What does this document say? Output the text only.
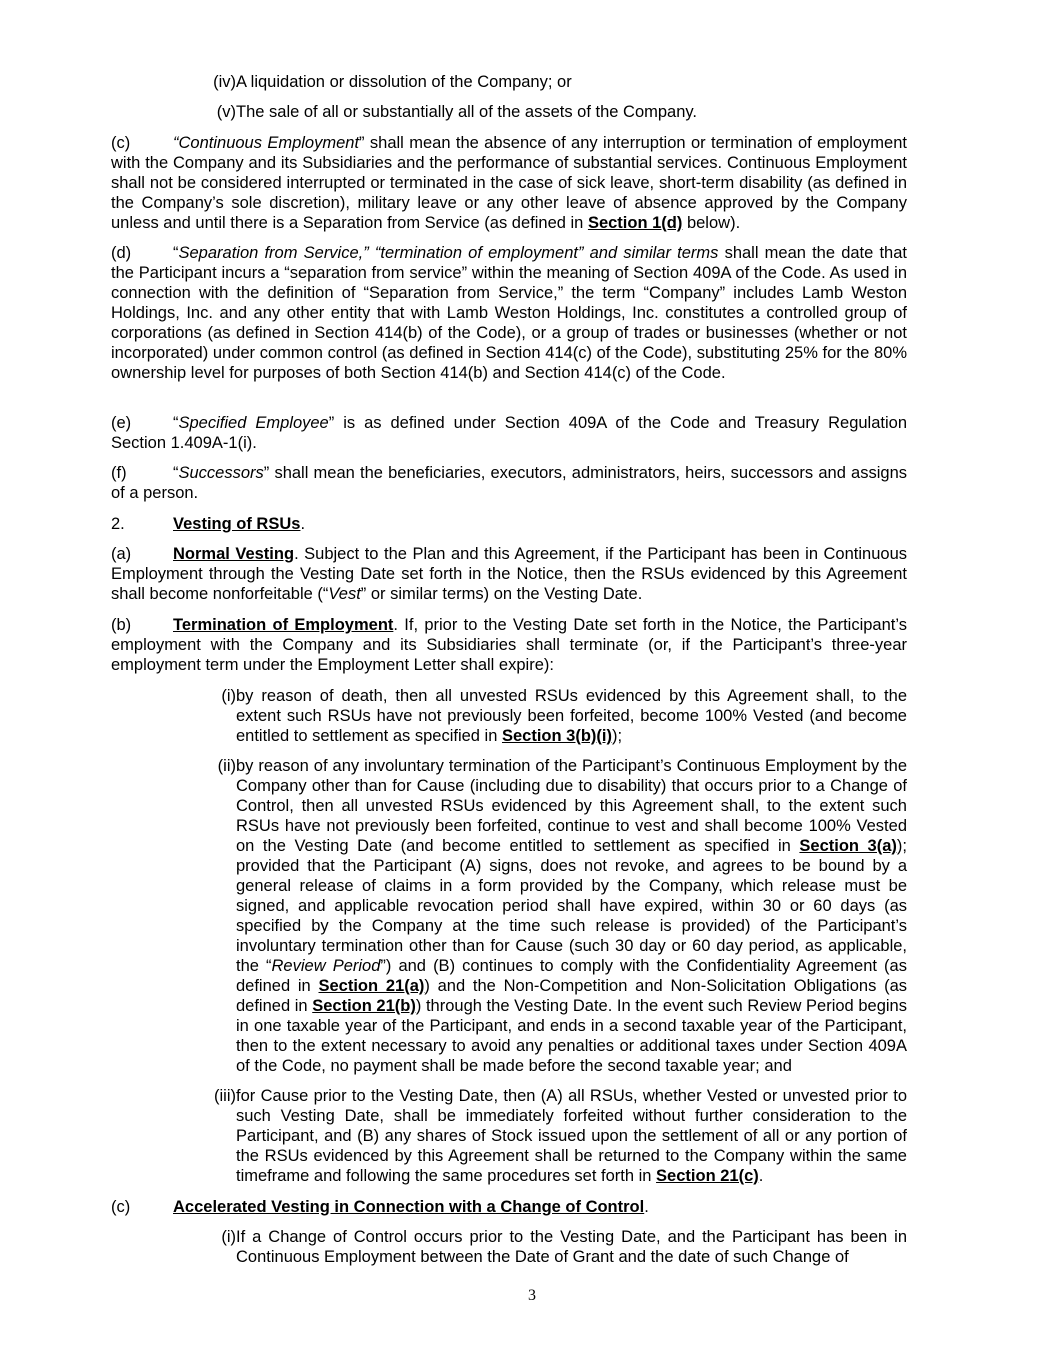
(iv) A liquidation or dissolution of the Company; or
(v) The sale of all or substantially all of the assets of the Company.

(c)	“Continuous Employment” shall mean the absence of any interruption or termination of employment with the Company and its Subsidiaries and the performance of substantial services. Continuous Employment shall not be considered interrupted or terminated in the case of sick leave, short-term disability (as defined in the Company’s sole discretion), military leave or any other leave of absence approved by the Company unless and until there is a Separation from Service (as defined in Section 1(d) below).

(d)	“Separation from Service,” “termination of employment” and similar terms shall mean the date that the Participant incurs a “separation from service” within the meaning of Section 409A of the Code. As used in connection with the definition of “Separation from Service,” the term “Company” includes Lamb Weston Holdings, Inc. and any other entity that with Lamb Weston Holdings, Inc. constitutes a controlled group of corporations (as defined in Section 414(b) of the Code), or a group of trades or businesses (whether or not incorporated) under common control (as defined in Section 414(c) of the Code), substituting 25% for the 80% ownership level for purposes of both Section 414(b) and Section 414(c) of the Code.

(e)	“Specified Employee” is as defined under Section 409A of the Code and Treasury Regulation Section 1.409A-1(i).

(f)	“Successors” shall mean the beneficiaries, executors, administrators, heirs, successors and assigns of a person.

2.	Vesting of RSUs.

(a)	Normal Vesting. Subject to the Plan and this Agreement, if the Participant has been in Continuous Employment through the Vesting Date set forth in the Notice, then the RSUs evidenced by this Agreement shall become nonforfeitable (“Vest” or similar terms) on the Vesting Date.

(b)	Termination of Employment. If, prior to the Vesting Date set forth in the Notice, the Participant’s employment with the Company and its Subsidiaries shall terminate (or, if the Participant’s three-year employment term under the Employment Letter shall expire):

(i) by reason of death, then all unvested RSUs evidenced by this Agreement shall, to the extent such RSUs have not previously been forfeited, become 100% Vested (and become entitled to settlement as specified in Section 3(b)(i));
(ii) by reason of any involuntary termination of the Participant’s Continuous Employment by the Company other than for Cause (including due to disability) that occurs prior to a Change of Control, then all unvested RSUs evidenced by this Agreement shall, to the extent such RSUs have not previously been forfeited, continue to vest and shall become 100% Vested on the Vesting Date (and become entitled to settlement as specified in Section 3(a)); provided that the Participant (A) signs, does not revoke, and agrees to be bound by a general release of claims in a form provided by the Company, which release must be signed, and applicable revocation period shall have expired, within 30 or 60 days (as specified by the Company at the time such release is provided) of the Participant’s involuntary termination other than for Cause (such 30 day or 60 day period, as applicable, the “Review Period”) and (B) continues to comply with the Confidentiality Agreement (as defined in Section 21(a)) and the Non-Competition and Non-Solicitation Obligations (as defined in Section 21(b)) through the Vesting Date. In the event such Review Period begins in one taxable year of the Participant, and ends in a second taxable year of the Participant, then to the extent necessary to avoid any penalties or additional taxes under Section 409A of the Code, no payment shall be made before the second taxable year; and
(iii) for Cause prior to the Vesting Date, then (A) all RSUs, whether Vested or unvested prior to such Vesting Date, shall be immediately forfeited without further consideration to the Participant, and (B) any shares of Stock issued upon the settlement of all or any portion of the RSUs evidenced by this Agreement shall be returned to the Company within the same timeframe and following the same procedures set forth in Section 21(c).

(c)	Accelerated Vesting in Connection with a Change of Control.

(i) If a Change of Control occurs prior to the Vesting Date, and the Participant has been in Continuous Employment between the Date of Grant and the date of such Change of
3
